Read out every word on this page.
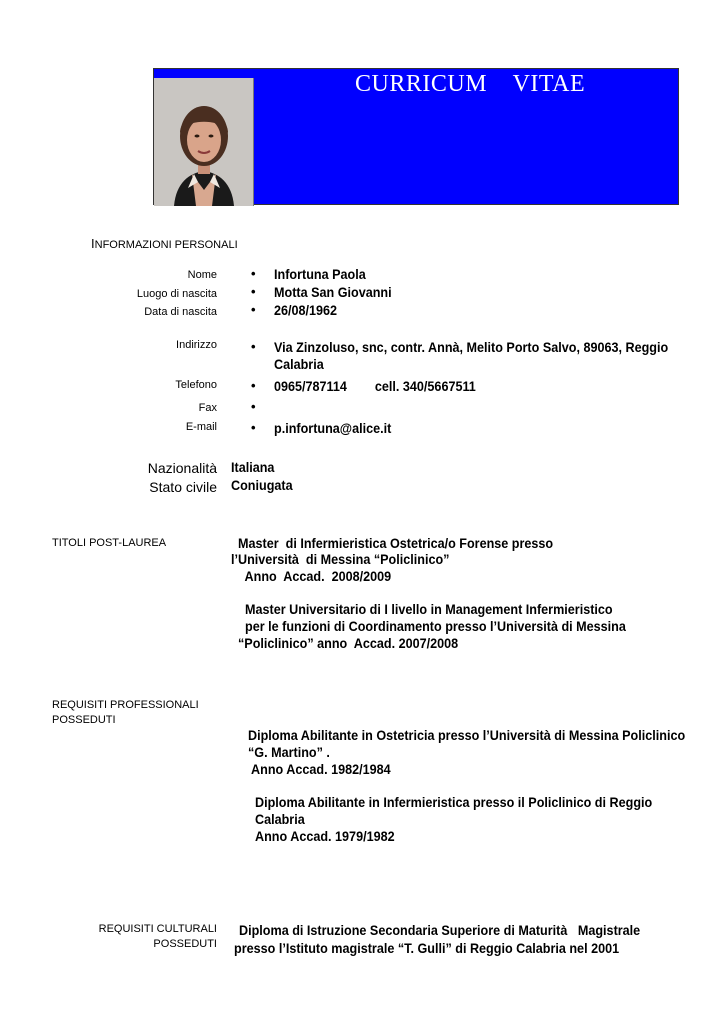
CURRICUM    VITAE
INFORMAZIONI PERSONALI
Nome	• Infortuna Paola
Luogo di nascita	• Motta San Giovanni
Data di nascita	• 26/08/1962
Indirizzo	• Via Zinzoluso, snc, contr. Annà, Melito Porto Salvo, 89063, Reggio
Calabria
Telefono	• 0965/787114        cell. 340/5667511
Fax	•
E-mail	• p.infortuna@alice.it
Nazionalità Italiana
Stato civile Coniugata
TITOLI POST-LAUREA	Master  di Infermieristica Ostetrica/o Forense presso
l’Università  di Messina “Policlinico”
Anno  Accad.  2008/2009
Master Universitario di I livello in Management Infermieristico
per le funzioni di Coordinamento presso l’Università di Messina
“Policlinico” anno  Accad. 2007/2008
REQUISITI PROFESSIONALI
POSSEDUTI
Diploma Abilitante in Ostetricia presso l’Università di Messina Policlinico
“G. Martino” .
Anno Accad. 1982/1984
Diploma Abilitante in Infermieristica presso il Policlinico di Reggio
Calabria
Anno Accad. 1979/1982
REQUISITI CULTURALI
POSSEDUTI
Diploma di Istruzione Secondaria Superiore di Maturità   Magistrale
presso l’Istituto magistrale “T. Gulli” di Reggio Calabria nel 2001
